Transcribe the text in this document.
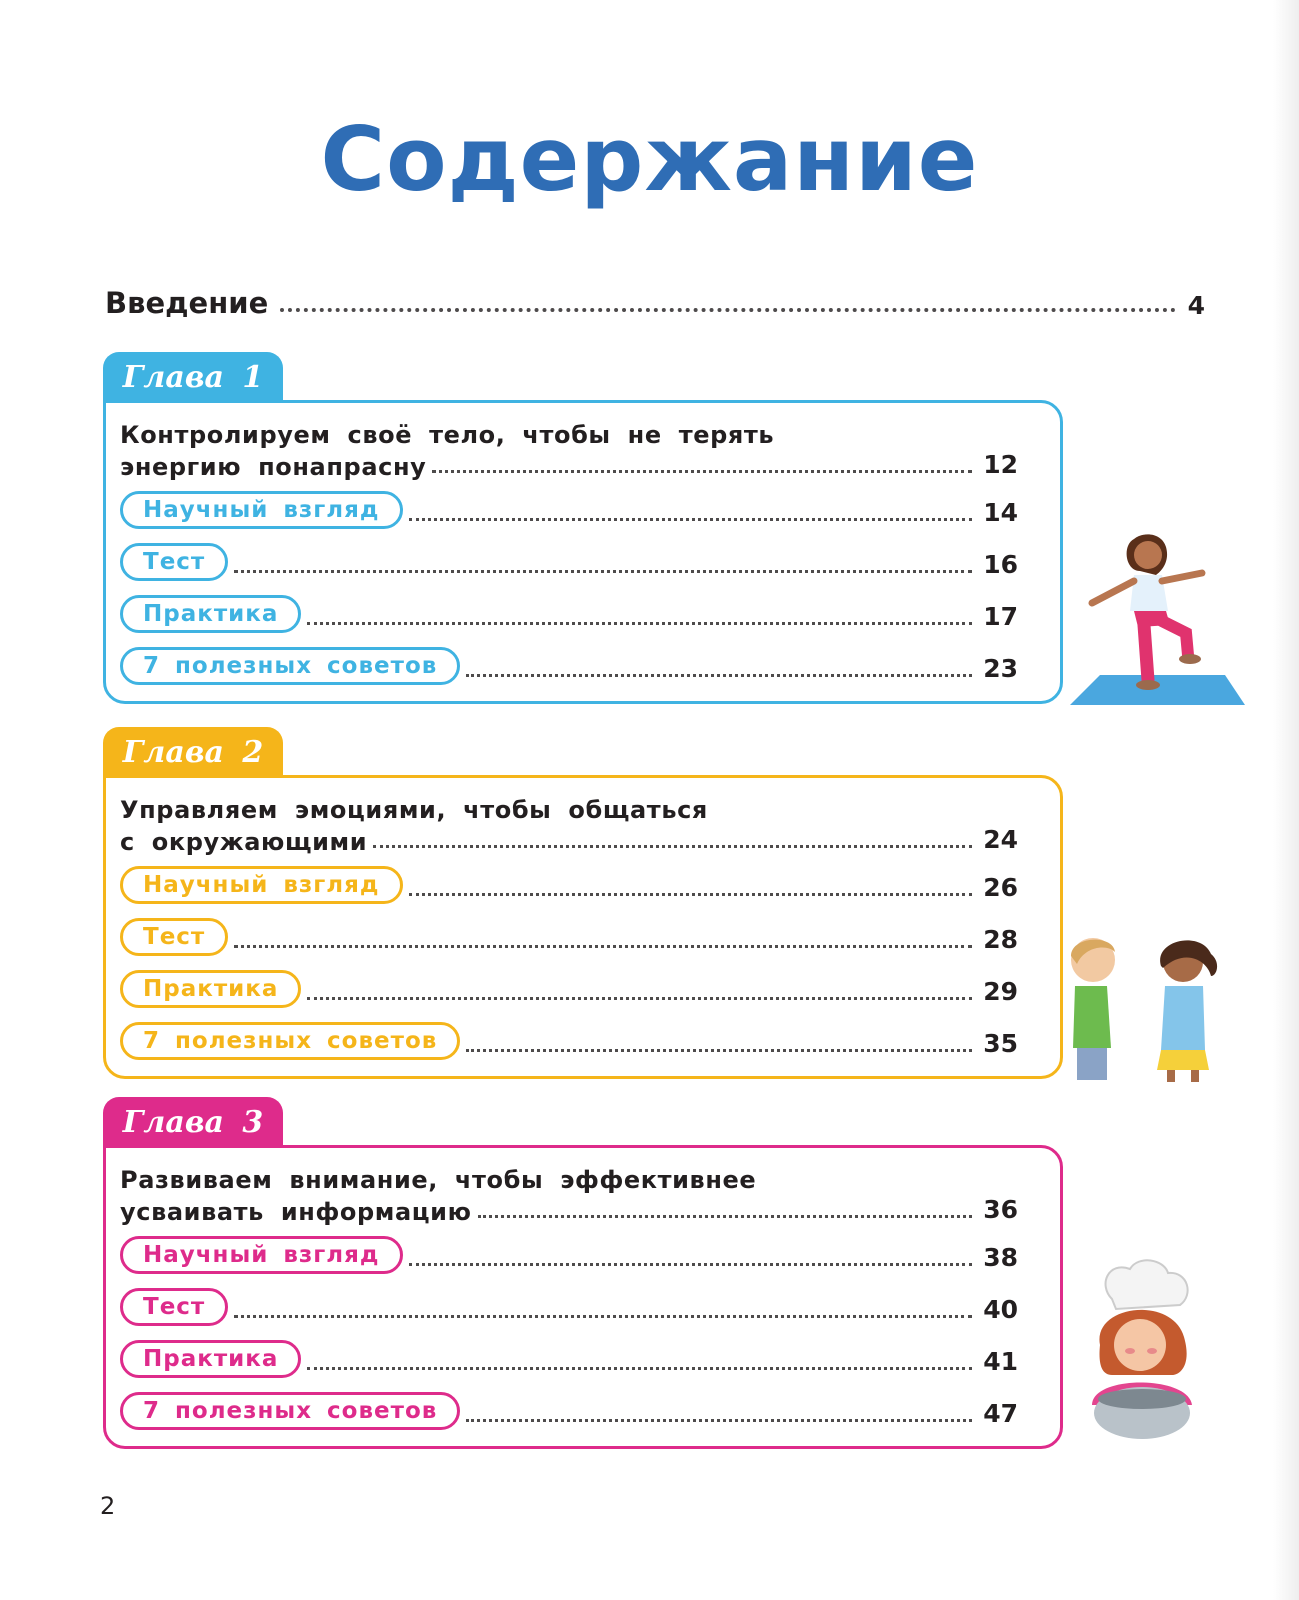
Содержание
Введение	4
Глава 1
Контролируем своё тело, чтобы не терять
энергию понапрасну	12
Научный взгляд	14
Тест	16
Практика	17
7 полезных советов	23
Глава 2
Управляем эмоциями, чтобы общаться
с окружающими	24
Научный взгляд	26
Тест	28
Практика	29
7 полезных советов	35
Глава 3
Развиваем внимание, чтобы эффективнее
усваивать информацию	36
Научный взгляд	38
Тест	40
Практика	41
7 полезных советов	47
2
